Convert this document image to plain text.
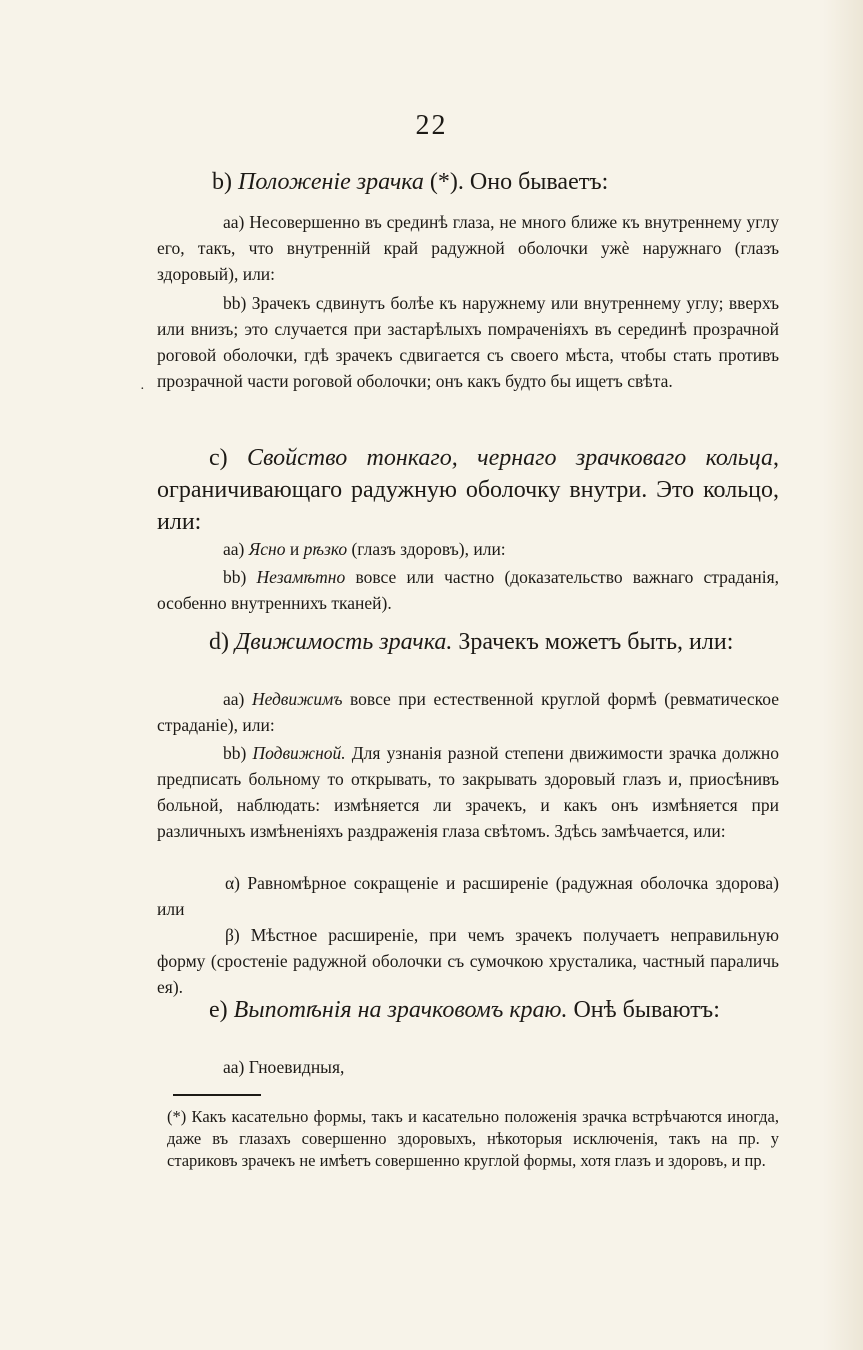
22
b) Положенie зрачка (*). Оно бываетъ:
аа) Несовершенно въ срединѣ глаза, не много ближе къ внутреннему углу его, такъ, что внутреннiй край радужной оболочки ужѐ наружнаго (глазъ здоровый), или:
bb) Зрачекъ сдвинутъ болѣе къ наружнему или внутреннему углу; вверхъ или внизъ; это случается при застарѣлыхъ помраченiяхъ въ серединѣ прозрачной роговой оболочки, гдѣ зрачекъ сдвигается съ своего мѣста, чтобы стать противъ прозрачной части роговой оболочки; онъ какъ будто бы ищетъ свѣта.
·
c) Свойство тонкаго, чернаго зрачковаго кольца, ограничивающаго радужную оболочку внутри. Это кольцо, или:
аа) Ясно и рѣзко (глазъ здоровъ), или:
bb) Незамѣтно вовсе или частно (доказательство важнаго страданiя, особенно внутреннихъ тканей).
d) Движимость зрачка. Зрачекъ можетъ быть, или:
аа) Недвижимъ вовсе при естественной круглой формѣ (ревматическое страданiе), или:
bb) Подвижной. Для узнанiя разной степени движимости зрачка должно предписать больному то открывать, то закрывать здоровый глазъ и, приосѣнивъ больной, наблюдать: измѣняется ли зрачекъ, и какъ онъ измѣняется при различныхъ измѣненiяхъ раздраженiя глаза свѣтомъ. Здѣсь замѣчается, или:
α) Равномѣрное сокращенiе и расширенiе (радужная оболочка здорова) или
β) Мѣстное расширенiе, при чемъ зрачекъ получаетъ неправильную форму (сростенiе радужной оболочки съ сумочкою хрусталика, частный параличь ея).
e) Выпотѣнiя на зрачковомъ краю. Онѣ бываютъ:
аа) Гноевидныя,
(*) Какъ касательно формы, такъ и касательно положенiя зрачка встрѣчаются иногда, даже въ глазахъ совершенно здоровыхъ, нѣкоторыя исключенiя, такъ на пр. у стариковъ зрачекъ не имѣетъ совершенно круглой формы, хотя глазъ и здоровъ, и пр.
